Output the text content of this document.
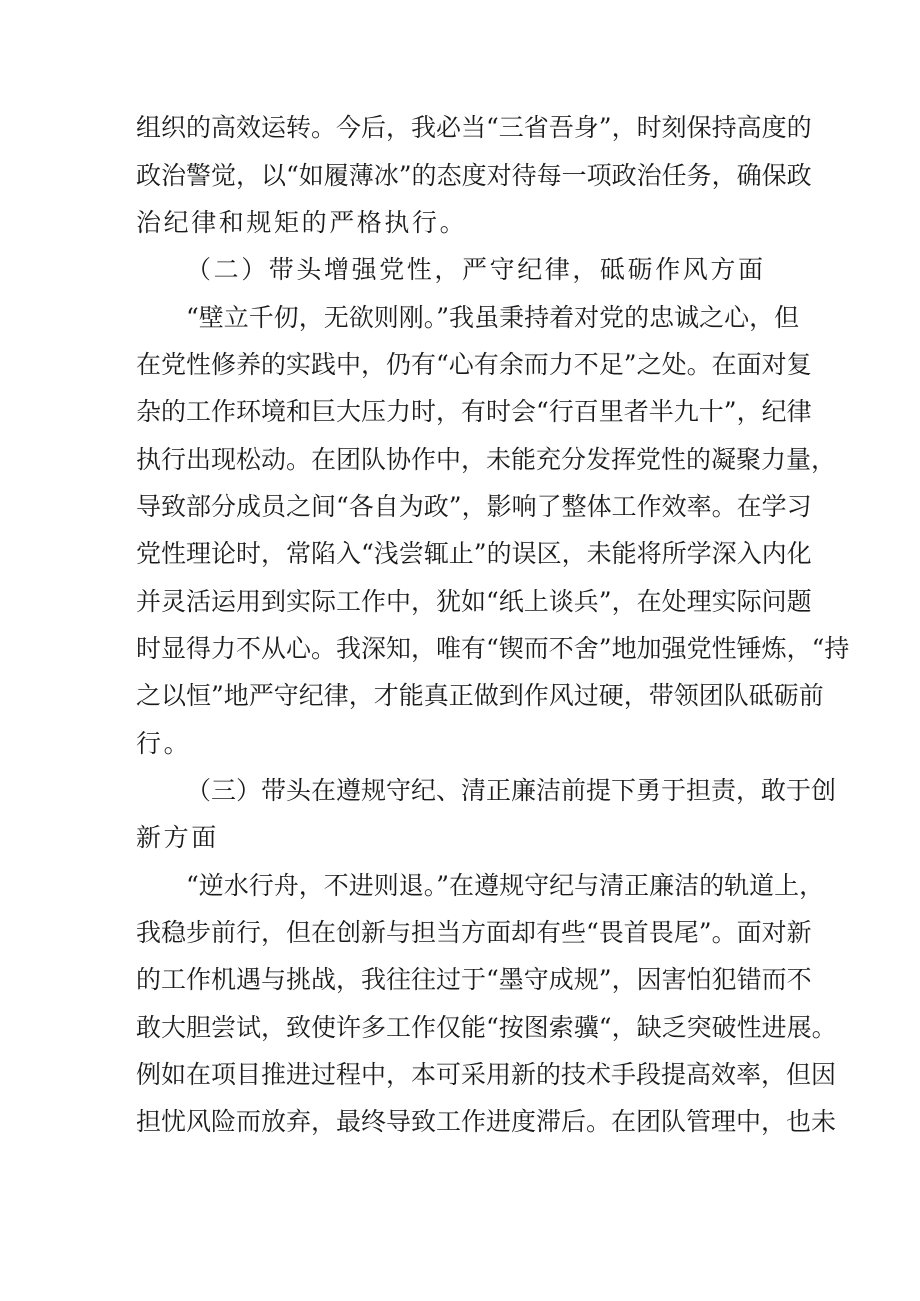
组织的高效运转。今后，我必当“三省吾身”，时刻保持高度的
政治警觉，以“如履薄冰”的态度对待每一项政治任务，确保政
治纪律和规矩的严格执行。
（二）带头增强党性，严守纪律，砥砺作风方面
“壁立千仞，无欲则刚。”我虽秉持着对党的忠诚之心，但
在党性修养的实践中，仍有“心有余而力不足”之处。在面对复
杂的工作环境和巨大压力时，有时会“行百里者半九十”，纪律
执行出现松动。在团队协作中，未能充分发挥党性的凝聚力量，
导致部分成员之间“各自为政”，影响了整体工作效率。在学习
党性理论时，常陷入“浅尝辄止”的误区，未能将所学深入内化
并灵活运用到实际工作中，犹如“纸上谈兵”，在处理实际问题
时显得力不从心。我深知，唯有“锲而不舍”地加强党性锤炼，“持
之以恒”地严守纪律，才能真正做到作风过硬，带领团队砥砺前
行。
（三）带头在遵规守纪、清正廉洁前提下勇于担责，敢于创
新方面
“逆水行舟，不进则退。”在遵规守纪与清正廉洁的轨道上，
我稳步前行，但在创新与担当方面却有些“畏首畏尾”。面对新
的工作机遇与挑战，我往往过于“墨守成规”，因害怕犯错而不
敢大胆尝试，致使许多工作仅能“按图索骥“，缺乏突破性进展。
例如在项目推进过程中，本可采用新的技术手段提高效率，但因
担忧风险而放弃，最终导致工作进度滞后。在团队管理中，也未
